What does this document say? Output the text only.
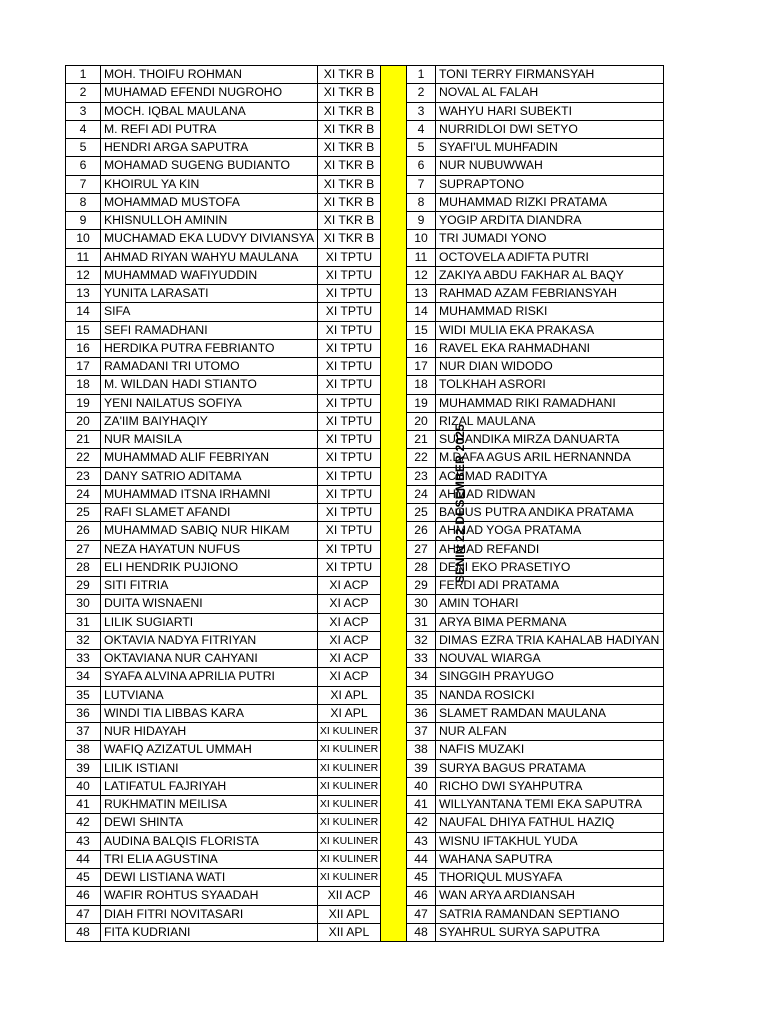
1	MOH. THOIFU ROHMAN	XI TKR B	SENIN 22 DESEMBER 2025	1	TONI TERRY FIRMANSYAH
2	MUHAMAD EFENDI NUGROHO	XI TKR B		2	NOVAL AL FALAH
3	MOCH. IQBAL MAULANA	XI TKR B		3	WAHYU HARI SUBEKTI
4	M. REFI ADI PUTRA	XI TKR B		4	NURRIDLOI DWI SETYO
5	HENDRI ARGA SAPUTRA	XI TKR B		5	SYAFI'UL MUHFADIN
6	MOHAMAD SUGENG BUDIANTO	XI TKR B		6	NUR NUBUWWAH
7	KHOIRUL YA KIN	XI TKR B		7	SUPRAPTONO
8	MOHAMMAD MUSTOFA	XI TKR B		8	MUHAMMAD RIZKI PRATAMA
9	KHISNULLOH AMININ	XI TKR B		9	YOGIP ARDITA DIANDRA
10	MUCHAMAD EKA LUDVY DIVIANSYA	XI TKR B		10	TRI JUMADI YONO
11	AHMAD RIYAN WAHYU MAULANA	XI TPTU		11	OCTOVELA ADIFTA PUTRI
12	MUHAMMAD WAFIYUDDIN	XI TPTU		12	ZAKIYA ABDU FAKHAR AL BAQY
13	YUNITA LARASATI	XI TPTU		13	RAHMAD AZAM FEBRIANSYAH
14	SIFA	XI TPTU		14	MUHAMMAD RISKI
15	SEFI RAMADHANI	XI TPTU		15	WIDI MULIA EKA PRAKASA
16	HERDIKA PUTRA FEBRIANTO	XI TPTU		16	RAVEL EKA RAHMADHANI
17	RAMADANI TRI UTOMO	XI TPTU		17	NUR DIAN WIDODO
18	M. WILDAN HADI STIANTO	XI TPTU		18	TOLKHAH ASRORI
19	YENI NAILATUS SOFIYA	XI TPTU		19	MUHAMMAD RIKI RAMADHANI
20	ZA'IIM BAIYHAQIY	XI TPTU		20	RIZAL MAULANA
21	NUR MAISILA	XI TPTU		21	SUHANDIKA MIRZA DANUARTA
22	MUHAMMAD ALIF FEBRIYAN	XI TPTU		22	M.DAFA AGUS ARIL HERNANNDA
23	DANY SATRIO ADITAMA	XI TPTU		23	ACHMAD RADITYA
24	MUHAMMAD ITSNA IRHAMNI	XI TPTU		24	AHMAD RIDWAN
25	RAFI SLAMET AFANDI	XI TPTU		25	BAGUS PUTRA ANDIKA PRATAMA
26	MUHAMMAD SABIQ NUR HIKAM	XI TPTU		26	AHMAD YOGA PRATAMA
27	NEZA HAYATUN NUFUS	XI TPTU		27	AHMAD REFANDI
28	ELI HENDRIK PUJIONO	XI TPTU		28	DENI EKO PRASETIYO
29	SITI FITRIA	XI ACP		29	FERDI ADI PRATAMA
30	DUITA WISNAENI	XI ACP		30	AMIN TOHARI
31	LILIK SUGIARTI	XI ACP		31	ARYA BIMA PERMANA
32	OKTAVIA NADYA FITRIYAN	XI ACP		32	DIMAS EZRA TRIA KAHALAB HADIYAN
33	OKTAVIANA NUR CAHYANI	XI ACP		33	NOUVAL WIARGA
34	SYAFA ALVINA APRILIA PUTRI	XI ACP		34	SINGGIH PRAYUGO
35	LUTVIANA	XI APL		35	NANDA ROSICKI
36	WINDI TIA LIBBAS KARA	XI APL		36	SLAMET RAMDAN MAULANA
37	NUR HIDAYAH	XI KULINER		37	NUR ALFAN
38	WAFIQ AZIZATUL UMMAH	XI KULINER		38	NAFIS MUZAKI
39	LILIK ISTIANI	XI KULINER		39	SURYA BAGUS PRATAMA
40	LATIFATUL FAJRIYAH	XI KULINER		40	RICHO DWI SYAHPUTRA
41	RUKHMATIN MEILISA	XI KULINER		41	WILLYANTANA TEMI EKA SAPUTRA
42	DEWI SHINTA	XI KULINER		42	NAUFAL DHIYA FATHUL HAZIQ
43	AUDINA BALQIS FLORISTA	XI KULINER		43	WISNU IFTAKHUL YUDA
44	TRI ELIA AGUSTINA	XI KULINER		44	WAHANA SAPUTRA
45	DEWI LISTIANA WATI	XI KULINER		45	THORIQUL MUSYAFA
46	WAFIR ROHTUS SYAADAH	XII ACP		46	WAN ARYA ARDIANSAH
47	DIAH FITRI NOVITASARI	XII APL		47	SATRIA RAMANDAN SEPTIANO
48	FITA KUDRIANI	XII APL		48	SYAHRUL SURYA SAPUTRA
